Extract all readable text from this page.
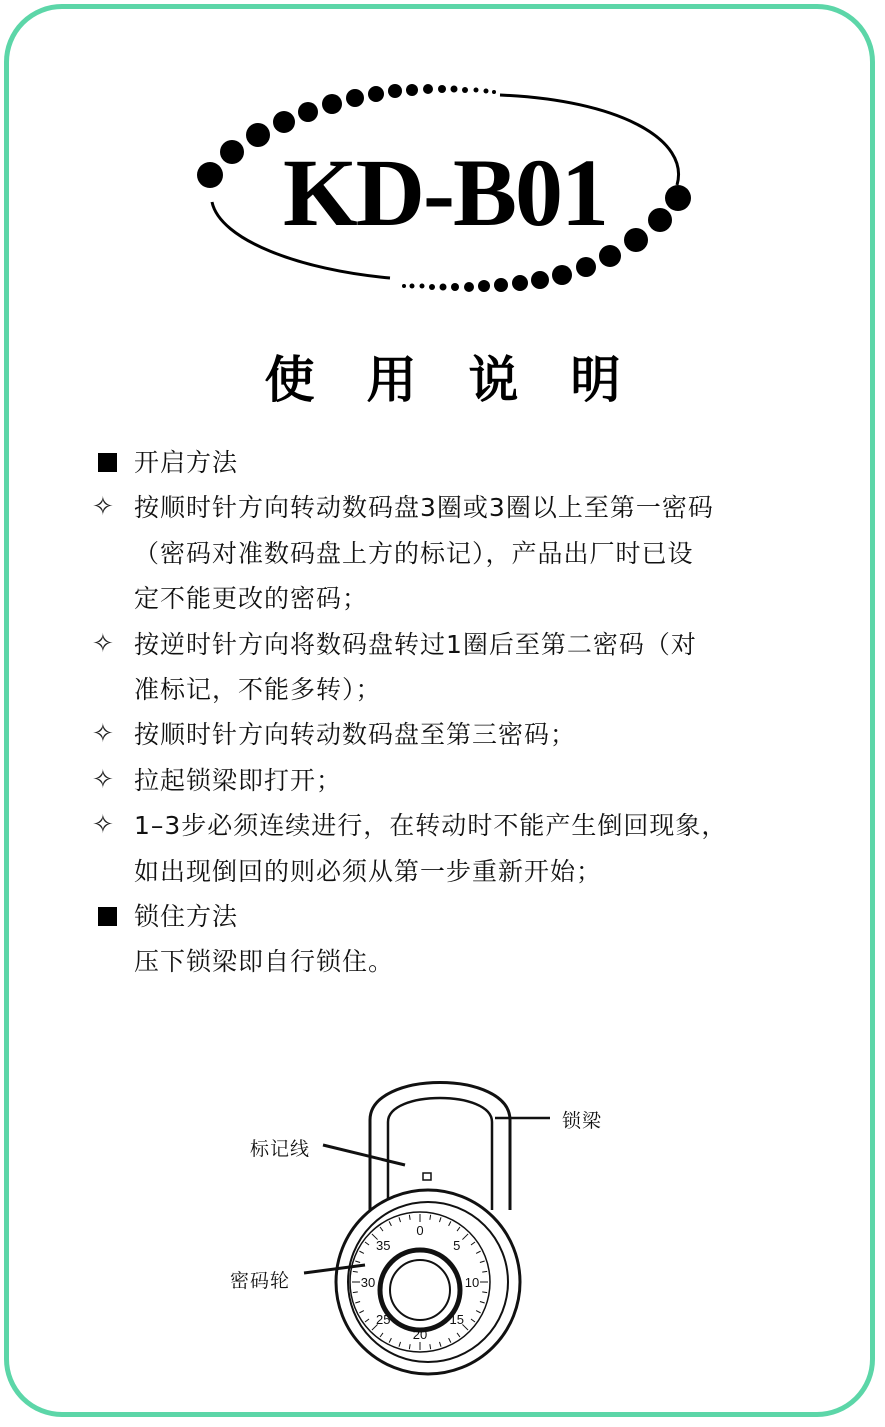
KD-B01
使用说明
开启方法
✧ 按顺时针方向转动数码盘3圈或3圈以上至第一密码
（密码对准数码盘上方的标记），产品出厂时已设
定不能更改的密码；
✧ 按逆时针方向将数码盘转过1圈后至第二密码（对
准标记，不能多转）；
✧ 按顺时针方向转动数码盘至第三密码；
✧ 拉起锁梁即打开；
✧ 1–3步必须连续进行，在转动时不能产生倒回现象，
如出现倒回的则必须从第一步重新开始；
锁住方法
压下锁梁即自行锁住。
0
5
10
15
20
25
30
35
锁梁
标记线
密码轮
